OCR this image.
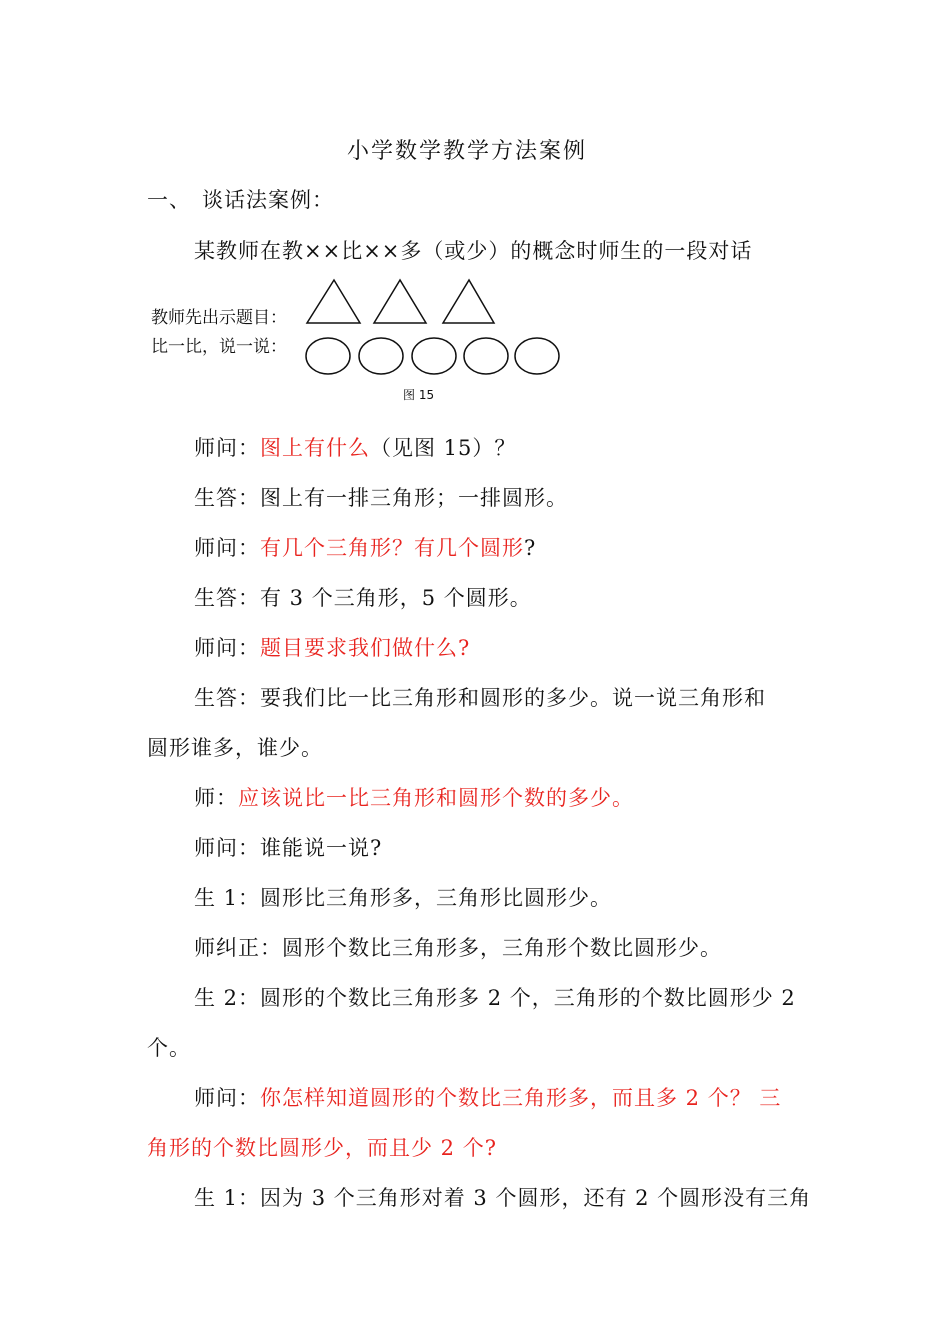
小学数学教学方法案例
一、 谈话法案例：
某教师在教××比××多（或少）的概念时师生的一段对话
教师先出示题目：
比一比，说一说：
图 15
师问：图上有什么（见图 15）？
生答：图上有一排三角形；一排圆形。
师问：有几个三角形？有几个圆形?
生答：有 3 个三角形，5 个圆形。
师问：题目要求我们做什么?
生答：要我们比一比三角形和圆形的多少。说一说三角形和
圆形谁多，谁少。
师：应该说比一比三角形和圆形个数的多少。
师问：谁能说一说?
生 1：圆形比三角形多，三角形比圆形少。
师纠正：圆形个数比三角形多，三角形个数比圆形少。
生 2：圆形的个数比三角形多 2 个，三角形的个数比圆形少 2
个。
师问：你怎样知道圆形的个数比三角形多，而且多 2 个？ 三
角形的个数比圆形少，而且少 2 个?
生 1：因为 3 个三角形对着 3 个圆形，还有 2 个圆形没有三角
